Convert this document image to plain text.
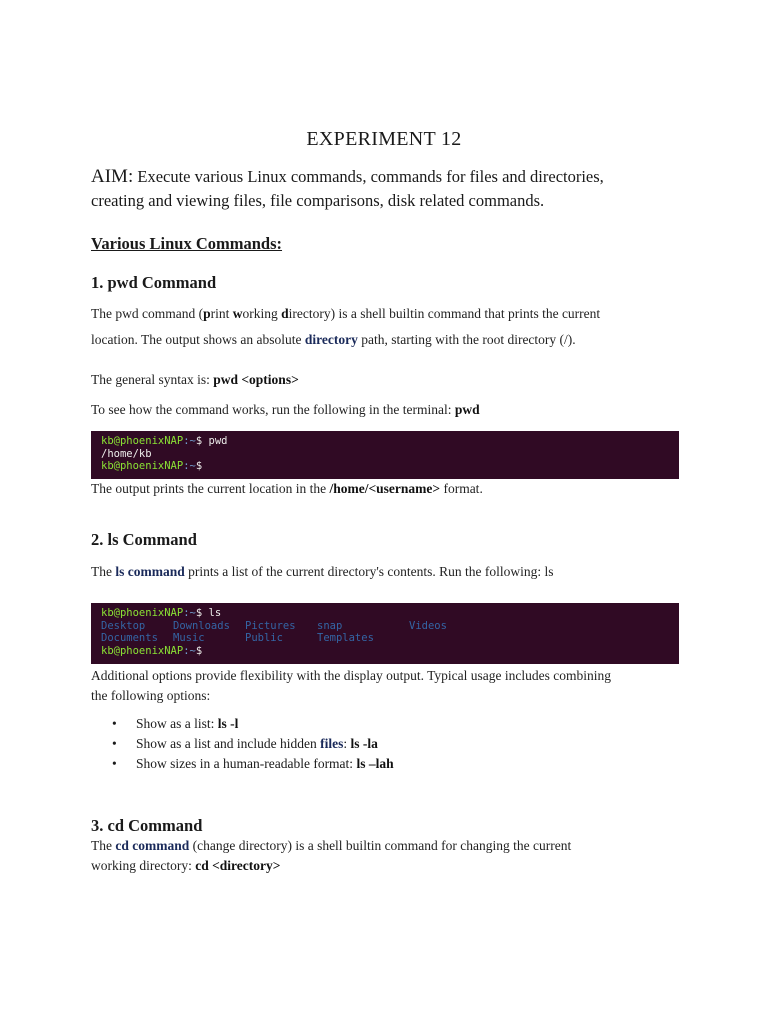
EXPERIMENT 12
AIM: Execute various Linux commands, commands for files and directories,
creating and viewing files, file comparisons, disk related commands.
Various Linux Commands:
1. pwd Command
The pwd command (print working directory) is a shell builtin command that prints the current
location. The output shows an absolute directory path, starting with the root directory (/).
The general syntax is: pwd <options>
To see how the command works, run the following in the terminal: pwd
kb@phoenixNAP:~$ pwd
/home/kb
kb@phoenixNAP:~$
The output prints the current location in the /home/<username> format.
2. ls Command
The ls command prints a list of the current directory's contents. Run the following: ls
kb@phoenixNAP:~$ ls
Desktop	Downloads Pictures snap	Videos
Documents Music	Public	Templates
kb@phoenixNAP:~$
Additional options provide flexibility with the display output. Typical usage includes combining
the following options:
• Show as a list: ls -l
• Show as a list and include hidden files: ls -la
• Show sizes in a human-readable format: ls –lah
3. cd Command
The cd command (change directory) is a shell builtin command for changing the current
working directory: cd <directory>
